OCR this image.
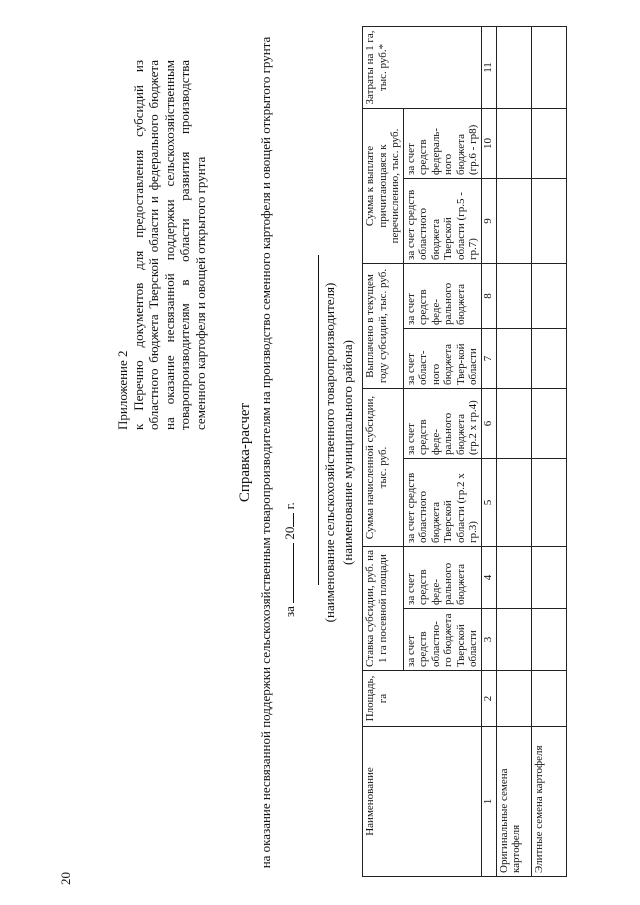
20
Приложение 2 к Перечню документов для предоставления субсидий из областного бюджета Тверской области и федерального бюджета на оказание несвязанной поддержки сельскохозяйственным товаропроизводителям в области развития производства семенного картофеля и овощей открытого грунта
Справка-расчет на оказание несвязанной поддержки сельскохозяйственным товаропроизводителям на производство семенного картофеля и овощей открытого грунта за  20 г. (наименование сельскохозяйственного товаропроизводителя) (наименование муниципального района)
Наименование	Площадь, га	Ставка субсидии, руб. на 1 га посевной площади		Сумма начисленной субсидии, тыс. руб.		Выплачено в текущем году субсидий, тыс. руб.		Сумма к выплате причитающаяся к перечислению, тыс. руб.		Затраты на 1 га, тыс. руб.*
		за счет средств областно-го бюджета Тверской области	за счет средств феде-рального бюджета	за счет средств областного бюджета Тверской области (гр.2 х гр.3)	за счет средств феде-рального бюджета (гр.2 х гр.4)	за счет област-ного бюджета Твер-кой области	за счет средств феде-рального бюджета	за счет средств областного бюджета Тверской области (гр.5 - гр.7)	за счет средств федераль-ного бюджета (гр.6 - гр8)	
1	2	3	4	5	6	7	8	9	10	11
Оригинальные семена картофеля										
Элитные семена картофеля										
